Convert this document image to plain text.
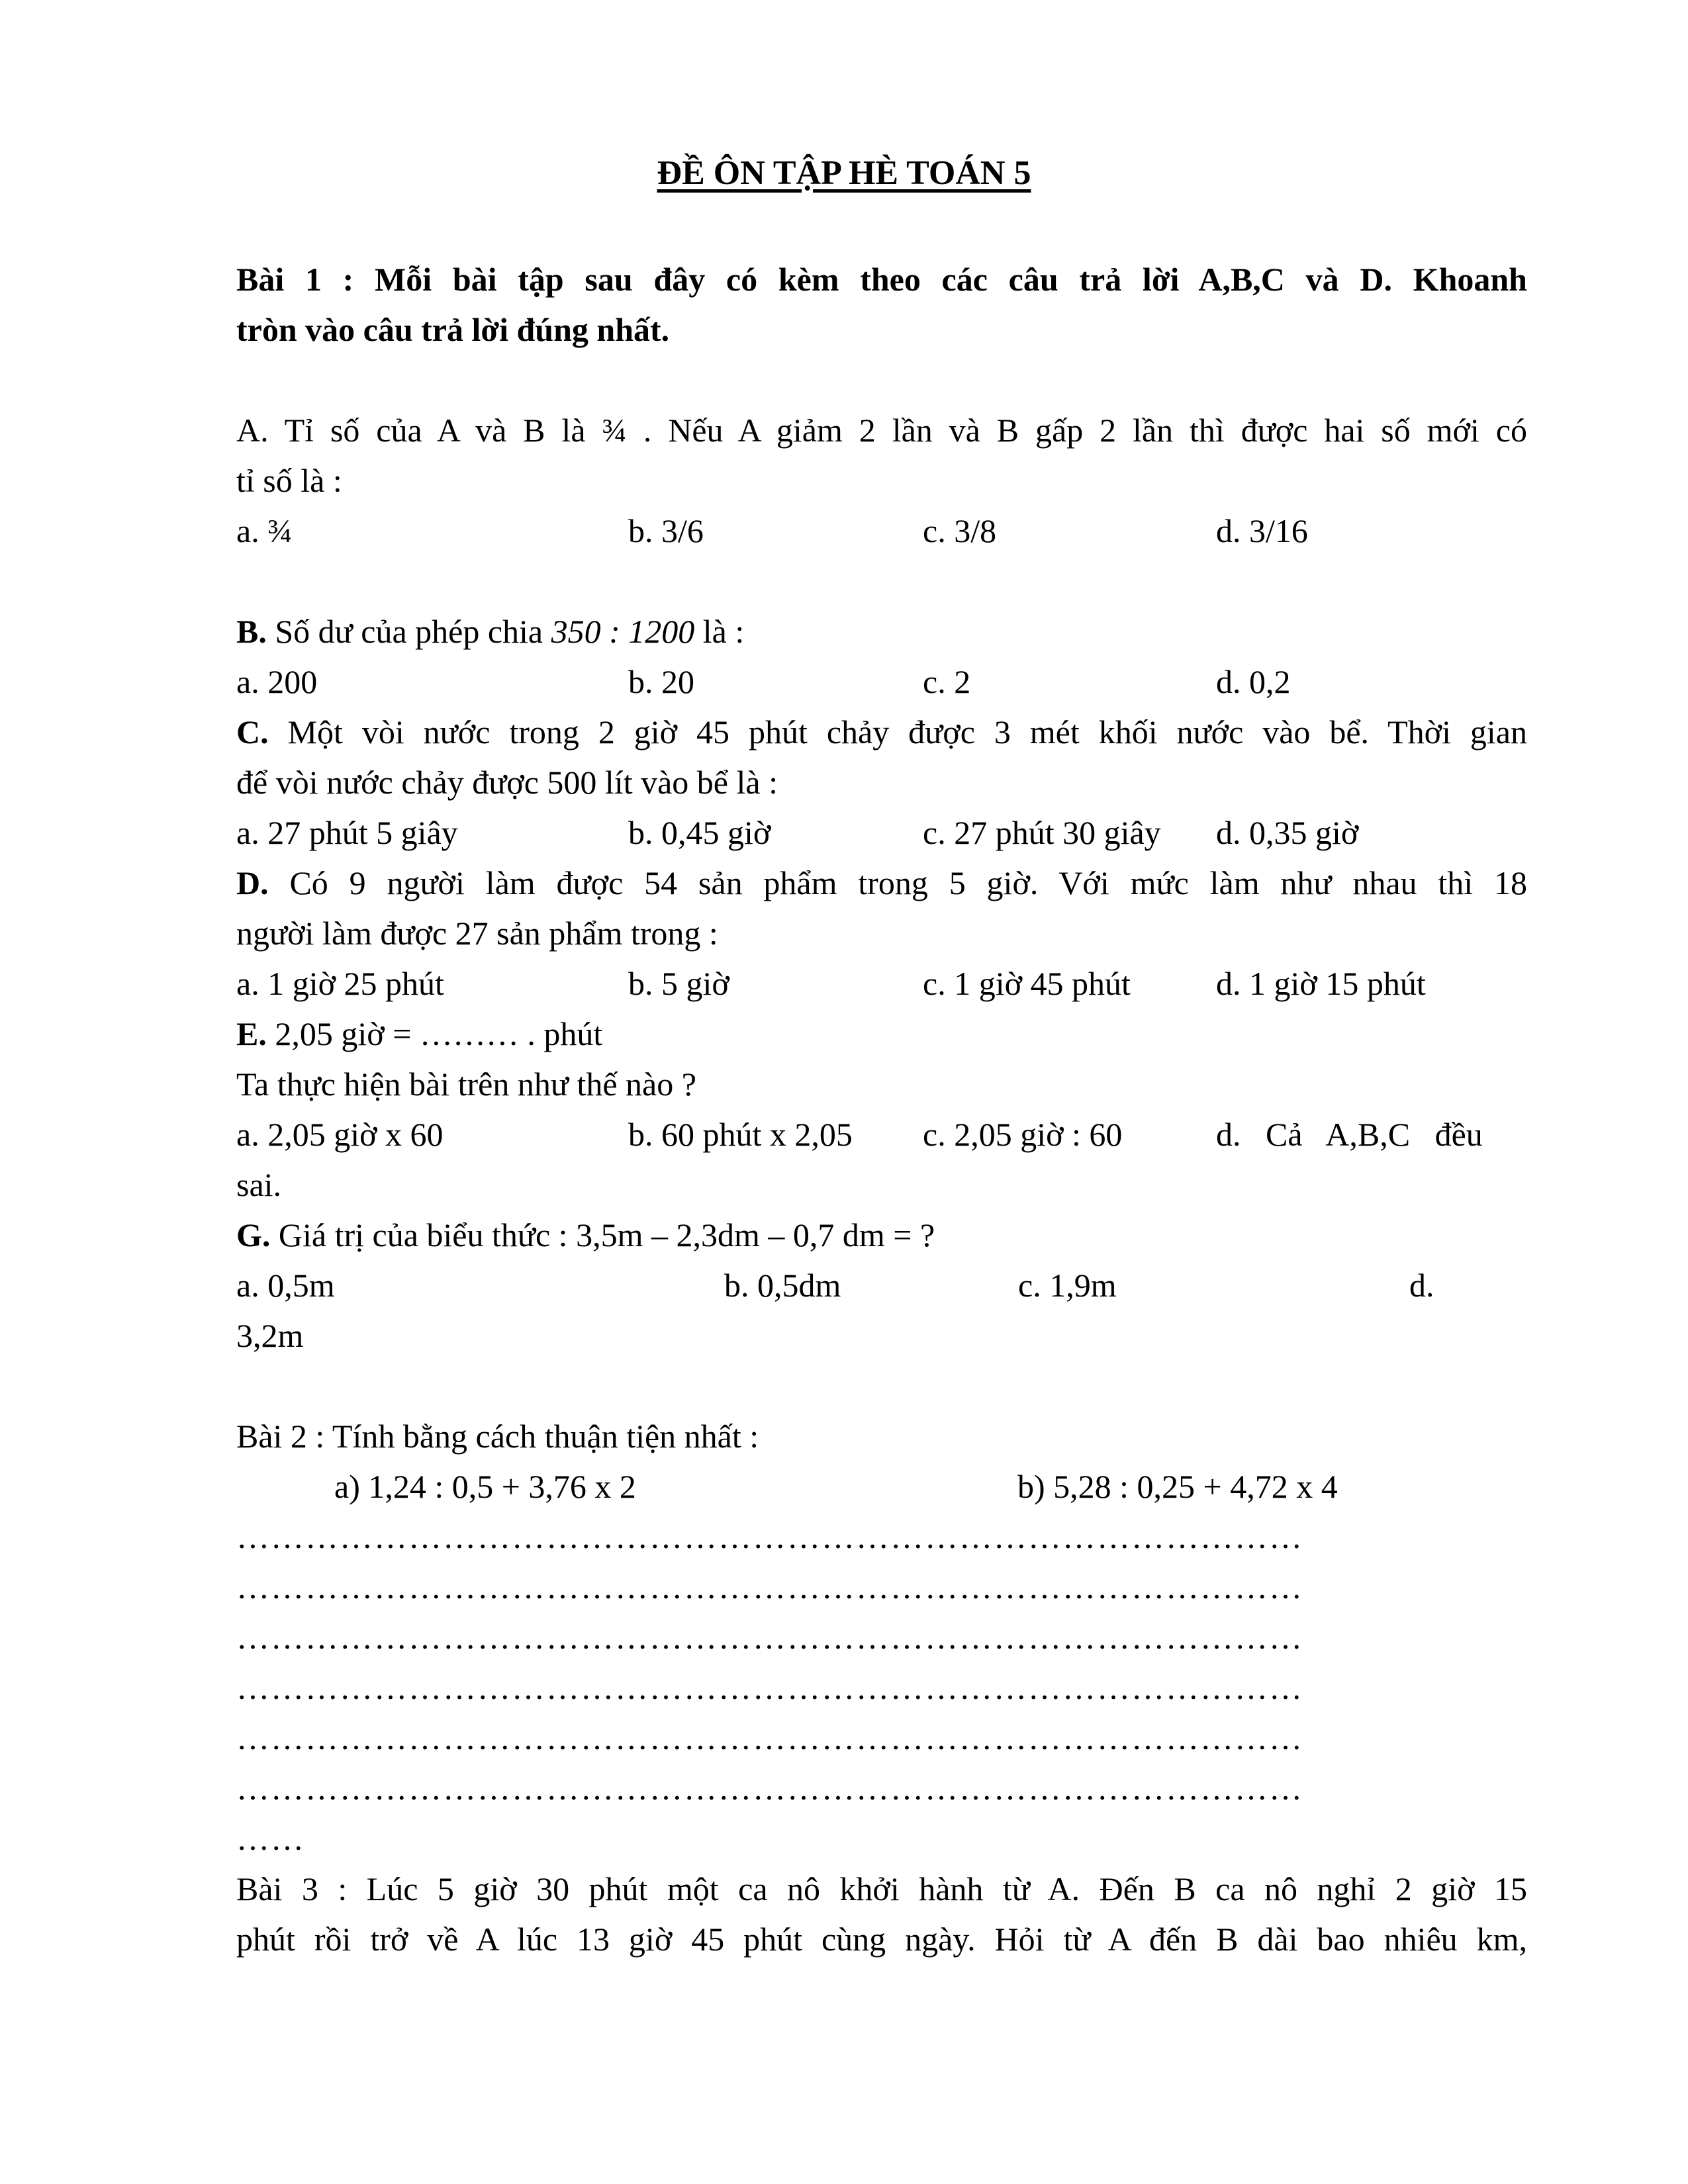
ĐỀ ÔN TẬP HÈ TOÁN 5
Bài 1 : Mỗi bài tập sau đây có kèm theo các câu trả lời A,B,C và D. Khoanh
tròn vào câu trả lời đúng nhất.
A. Tỉ số của A và B là ¾ . Nếu A giảm 2 lần và B gấp 2 lần thì được hai số mới có
tỉ số là :
a. ¾	b. 3/6	c. 3/8	d. 3/16
B. Số dư của phép chia 350 : 1200 là :
a. 200	b. 20	c. 2	d. 0,2
C. Một vòi nước trong 2 giờ 45 phút chảy được 3 mét khối nước vào bể. Thời gian
để vòi nước chảy được 500 lít vào bể là :
a. 27 phút 5 giây	b. 0,45 giờ	c. 27 phút 30 giây d. 0,35 giờ
D. Có 9 người làm được 54 sản phẩm trong 5 giờ. Với mức làm như nhau thì 18
người làm được 27 sản phẩm trong :
a. 1 giờ 25 phút	b. 5 giờ	c. 1 giờ 45 phút	d. 1 giờ 15 phút
E. 2,05 giờ = ……… . phút
Ta thực hiện bài trên như thế nào ?
a. 2,05 giờ x 60	b. 60 phút x 2,05 c. 2,05 giờ : 60	d.   Cả   A,B,C   đều
sai.
G. Giá trị của biểu thức : 3,5m – 2,3dm – 0,7 dm = ?
a. 0,5m	b. 0,5dm	c. 1,9m	d.
3,2m
Bài 2 : Tính bằng cách thuận tiện nhất :
a) 1,24 : 0,5 + 3,76 x 2	b) 5,28 : 0,25 + 4,72 x 4
…………………………………………………………………………………
…………………………………………………………………………………
…………………………………………………………………………………
…………………………………………………………………………………
…………………………………………………………………………………
…………………………………………………………………………………
……
Bài 3 : Lúc 5 giờ 30 phút một ca nô khởi hành từ A. Đến B ca nô nghỉ 2 giờ 15
phút rồi trở về A lúc 13 giờ 45 phút cùng ngày. Hỏi từ A đến B dài bao nhiêu km,
